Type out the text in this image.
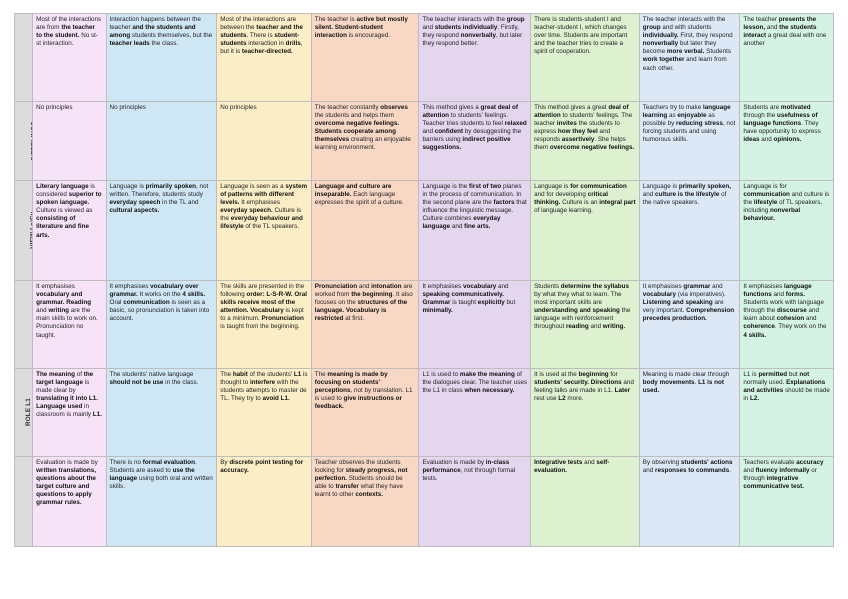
	Most of the interactions are from the teacher to the student. No st-st interaction.	Interaction happens between the teacher and the students and among students themselves, but the teacher leads the class.	Most of the interactions are between the teacher and the students. There is student-students interaction in drills, but it is teacher-directed.	The teacher is active but mostly silent. Student-student interaction is encouraged.	The teacher interacts with the group and students individually. Firstly, they respond nonverbally, but later they respond better.	There is students-student I and teacher-student I, which changes over time. Students are important and the teacher tries to create a spirit of cooperation.	The teacher interacts with the group and with students individually. First, they respond nonverbally but later they become more verbal. Students work together and learn from each other.	The teacher presents the lesson, and the students interact a great deal with one another
	No principles	No principles	No principles	The teacher constantly observes the students and helps them overcome negative feelings. Students cooperate among themselves creating an enjoyable learning environment.	This method gives a great deal of attention to students' feelings. Teacher tries students to feel relaxed and confident by desuggesting the barriers using indirect positive suggestions.	This method gives a great deal of attention to students' feelings. The teacher invites the students to express how they feel and responds assertively. She helps them overcome negative feelings.	Teachers try to make language learning as enjoyable as possible by reducing stress, not forcing students and using humorous skills.	Students are motivated through the usefulness of language functions. They have opportunity to express ideas and opinions.
VIEW La/Cu	Literary language is considered superior to spoken language. Culture is viewed as consisting of literature and fine arts.	Language is primarily spoken, not written. Therefore, students study everyday speech in the TL and cultural aspects.	Language is seen as a system of patterns with different levels. It emphasises everyday speech. Culture is the everyday behaviour and lifestyle of the TL speakers.	Language and culture are inseparable. Each language expresses the spirit of a culture.	Language is the first of two planes in the process of communication. In the second plane are the factors that influence the linguistic message. Culture combines everyday language and fine arts.	Language is for communication and for developing critical thinking. Culture is an integral part of language learning.	Language is primarily spoken, and culture is the lifestyle of the native speakers.	Language is for communication and culture is the lifestyle of TL speakers, including nonverbal behaviour.
	It emphasises vocabulary and grammar. Reading and writing are the main skills to work on. Pronunciation no taught.	It emphasises vocabulary over grammar. It works on the 4 skills. Oral communication is seen as a basic, so pronunciation is taken into account.	The skills are presented in the following order: L-S-R-W. Oral skills receive most of the attention. Vocabulary is kept to a minimum. Pronunciation is taught from the beginning.	Pronunciation and intonation are worked from the beginning. It also focuses on the structures of the language. Vocabulary is restricted at first.	It emphasises vocabulary and speaking communicatively. Grammar is taught explicitly but minimally.	Students determine the syllabus by what they what to learn. The most important skills are understanding and speaking the language with reinforcement throughout reading and writing.	It emphasises grammar and vocabulary (via imperatives). Listening and speaking are very important. Comprehension precedes production.	It emphasises language functions and forms. Students work with language through the discourse and learn about cohesion and coherence. They work on the 4 skills.
ROLE L1	The meaning of the target language is made clear by translating it into L1. Language used in classroom is mainly L1.	The students' native language should not be use in the class.	The habit of the students' L1 is thought to interfere with the students attempts to master de TL. They try to avoid L1.	The meaning is made by focusing on students' perceptions, not by translation. L1 is used to give instructions or feedback.	L1 is used to make the meaning of the dialogues clear. The teacher uses the L1 in class when necessary.	It is used at the beginning for students' security. Directions and feeling talks are made in L1. Later rest use L2 more.	Meaning is made clear through body movements. L1 is not used.	L1 is permitted but not normally used. Explanations and activities should be made in L2.
	Evaluation is made by written translations, questions about the target culture and questions to apply grammar rules.	There is no formal evaluation. Students are asked to use the language using both oral and written skills.	By discrete point testing for accuracy.	Teacher observes the students looking for steady progress, not perfection. Students should be able to transfer what they have learnt to other contexts.	Evaluation is made by in-class performance, not through formal tests.	Integrative tests and self-evaluation.	By observing students' actions and responses to commands.	Teachers evaluate accuracy and fluency informally or through integrative communicative test.
